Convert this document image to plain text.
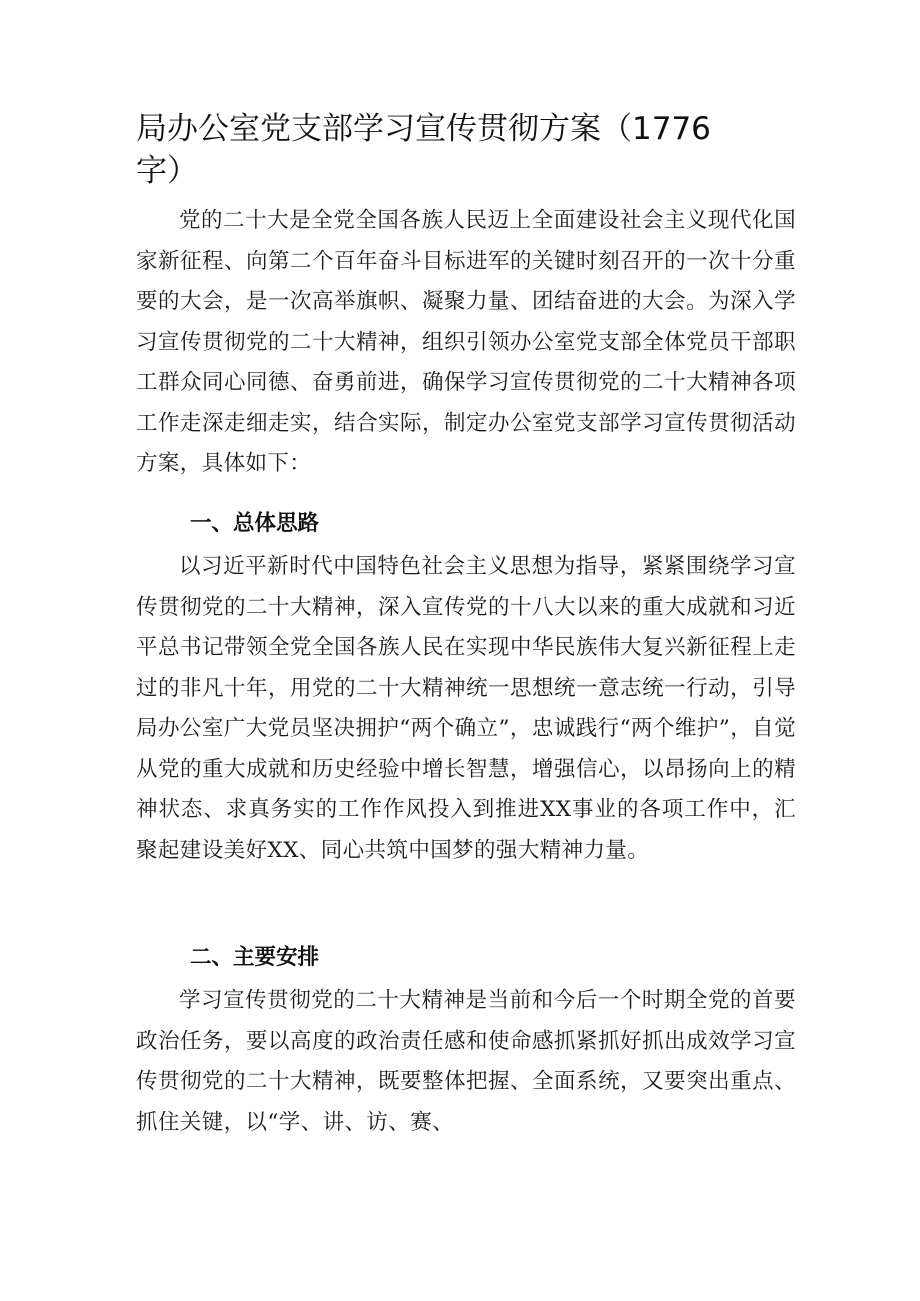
局办公室党支部学习宣传贯彻方案（1776字）

党的二十大是全党全国各族人民迈上全面建设社会主义现代化国家新征程、向第二个百年奋斗目标进军的关键时刻召开的一次十分重要的大会，是一次高举旗帜、凝聚力量、团结奋进的大会。为深入学习宣传贯彻党的二十大精神，组织引领办公室党支部全体党员干部职工群众同心同德、奋勇前进，确保学习宣传贯彻党的二十大精神各项工作走深走细走实，结合实际，制定办公室党支部学习宣传贯彻活动方案，具体如下：

一、总体思路

以习近平新时代中国特色社会主义思想为指导，紧紧围绕学习宣传贯彻党的二十大精神，深入宣传党的十八大以来的重大成就和习近平总书记带领全党全国各族人民在实现中华民族伟大复兴新征程上走过的非凡十年，用党的二十大精神统一思想统一意志统一行动，引导局办公室广大党员坚决拥护“两个确立”，忠诚践行“两个维护”，自觉从党的重大成就和历史经验中增长智慧，增强信心，以昂扬向上的精神状态、求真务实的工作作风投入到推进XX事业的各项工作中，汇聚起建设美好XX、同心共筑中国梦的强大精神力量。

二、主要安排

学习宣传贯彻党的二十大精神是当前和今后一个时期全党的首要政治任务，要以高度的政治责任感和使命感抓紧抓好抓出成效学习宣传贯彻党的二十大精神，既要整体把握、全面系统，又要突出重点、抓住关键，以“学、讲、访、赛、
